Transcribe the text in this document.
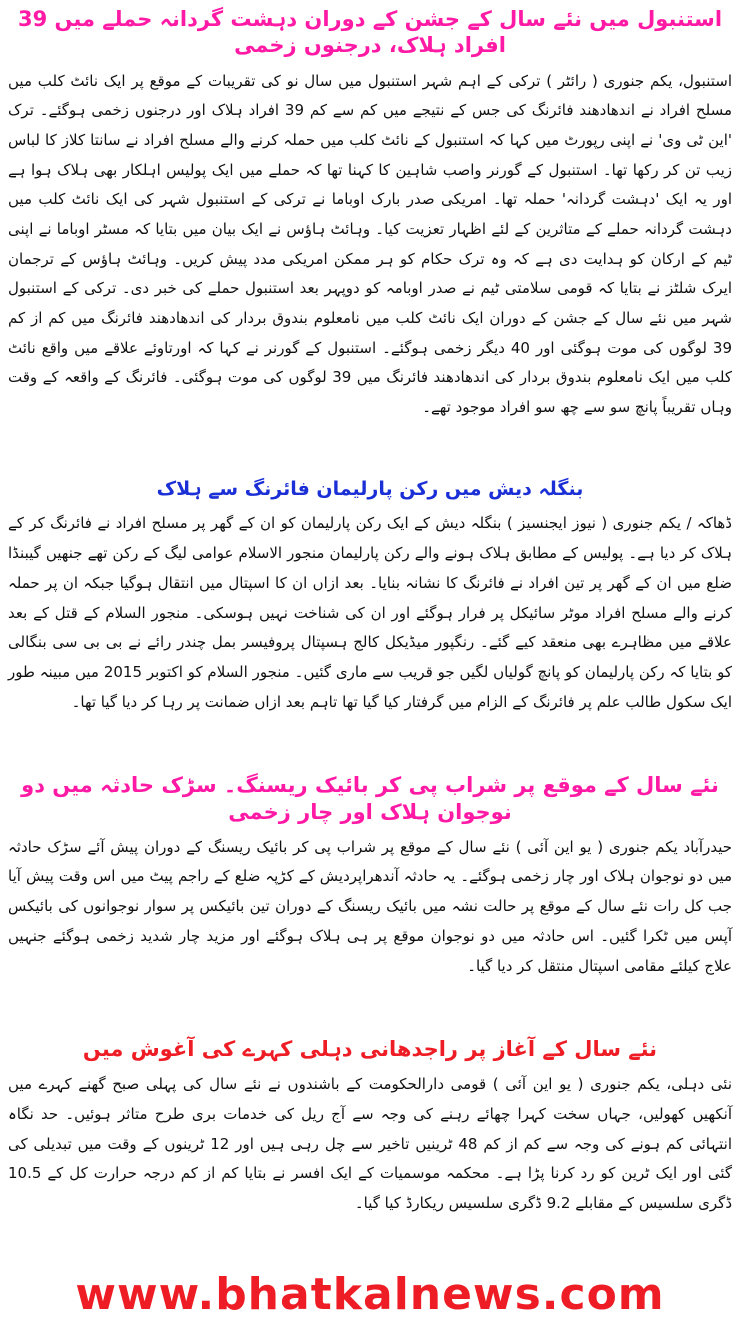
استنبول میں نئے سال کے جشن کے دوران دہشت گردانہ حملے میں 39 افراد ہلاک، درجنوں زخمی

استنبول، یکم جنوری ( رائٹر ) ترکی کے اہم شہر استنبول میں سال نو کی تقریبات کے موقع پر ایک نائٹ کلب میں مسلح افراد نے اندھادھند فائرنگ کی جس کے نتیجے میں کم سے کم 39 افراد ہلاک اور درجنوں زخمی ہوگئے۔ ترک 'این ٹی وی' نے اپنی رپورٹ میں کہا کہ استنبول کے نائٹ کلب میں حملہ کرنے والے مسلح افراد نے سانتا کلاز کا لباس زیب تن کر رکھا تھا۔ استنبول کے گورنر واصب شاہین کا کہنا تھا کہ حملے میں ایک پولیس اہلکار بھی ہلاک ہوا ہے اور یہ ایک 'دہشت گردانہ' حملہ تھا۔ امریکی صدر بارک اوباما نے ترکی کے استنبول شہر کی ایک نائٹ کلب میں دہشت گردانہ حملے کے متاثرین کے لئے اظہار تعزیت کیا۔ وہائٹ ہاؤس نے ایک بیان میں بتایا کہ مسٹر اوباما نے اپنی ٹیم کے ارکان کو ہدایت دی ہے کہ وہ ترک حکام کو ہر ممکن امریکی مدد پیش کریں۔ وہائٹ ہاؤس کے ترجمان ایرک شلٹز نے بتایا کہ قومی سلامتی ٹیم نے صدر اوبامہ کو دوپہر بعد استنبول حملے کی خبر دی۔ ترکی کے استنبول شہر میں نئے سال کے جشن کے دوران ایک نائٹ کلب میں نامعلوم بندوق بردار کی اندھادھند فائرنگ میں کم از کم 39 لوگوں کی موت ہوگئی اور 40 دیگر زخمی ہوگئے۔ استنبول کے گورنر نے کہا کہ اورتاوئے علاقے میں واقع نائٹ کلب میں ایک نامعلوم بندوق بردار کی اندھادھند فائرنگ میں 39 لوگوں کی موت ہوگئی۔ فائرنگ کے واقعہ کے وقت وہاں تقریباً پانچ سو سے چھ سو افراد موجود تھے۔

بنگلہ دیش میں رکن پارلیمان فائرنگ سے ہلاک

ڈھاکہ / یکم جنوری ( نیوز ایجنسیز ) بنگلہ دیش کے ایک رکن پارلیمان کو ان کے گھر پر مسلح افراد نے فائرنگ کر کے ہلاک کر دیا ہے۔ پولیس کے مطابق ہلاک ہونے والے رکن پارلیمان منجور الاسلام عوامی لیگ کے رکن تھے جنھیں گیبنڈا ضلع میں ان کے گھر پر تین افراد نے فائرنگ کا نشانہ بنایا۔ بعد ازاں ان کا اسپتال میں انتقال ہوگیا جبکہ ان پر حملہ کرنے والے مسلح افراد موٹر سائیکل پر فرار ہوگئے اور ان کی شناخت نہیں ہوسکی۔ منجور السلام کے قتل کے بعد علاقے میں مظاہرے بھی منعقد کیے گئے۔ رنگپور میڈیکل کالج ہسپتال پروفیسر بمل چندر رائے نے بی بی سی بنگالی کو بتایا کہ رکن پارلیمان کو پانچ گولیاں لگیں جو قریب سے ماری گئیں۔ منجور السلام کو اکتوبر 2015 میں مبینہ طور ایک سکول طالب علم پر فائرنگ کے الزام میں گرفتار کیا گیا تھا تاہم بعد ازاں ضمانت پر رہا کر دیا گیا تھا۔

نئے سال کے موقع پر شراب پی کر بائیک ریسنگ۔ سڑک حادثہ میں دو نوجوان ہلاک اور چار زخمی

حیدرآباد یکم جنوری ( یو این آئی ) نئے سال کے موقع پر شراب پی کر بائیک ریسنگ کے دوران پیش آئے سڑک حادثہ میں دو نوجوان ہلاک اور چار زخمی ہوگئے۔ یہ حادثہ آندھراپردیش کے کڑپہ ضلع کے راجم پیٹ میں اس وقت پیش آیا جب کل رات نئے سال کے موقع پر حالت نشہ میں بائیک ریسنگ کے دوران تین بائیکس پر سوار نوجوانوں کی بائیکس آپس میں ٹکرا گئیں۔ اس حادثہ میں دو نوجوان موقع پر ہی ہلاک ہوگئے اور مزید چار شدید زخمی ہوگئے جنہیں علاج کیلئے مقامی اسپتال منتقل کر دیا گیا۔

نئے سال کے آغاز پر راجدھانی دہلی کہرے کی آغوش میں

نئی دہلی، یکم جنوری ( یو این آئی ) قومی دارالحکومت کے باشندوں نے نئے سال کی پہلی صبح گھنے کہرے میں آنکھیں کھولیں، جہاں سخت کہرا چھائے رہنے کی وجہ سے آج ریل کی خدمات بری طرح متاثر ہوئیں۔ حد نگاہ انتہائی کم ہونے کی وجہ سے کم از کم 48 ٹرینیں تاخیر سے چل رہی ہیں اور 12 ٹرینوں کے وقت میں تبدیلی کی گئی اور ایک ٹرین کو رد کرنا پڑا ہے۔ محکمہ موسمیات کے ایک افسر نے بتایا کم از کم درجہ حرارت کل کے 10.5 ڈگری سلسیس کے مقابلے 9.2 ڈگری سلسیس ریکارڈ کیا گیا۔

www.bhatkalnews.com
